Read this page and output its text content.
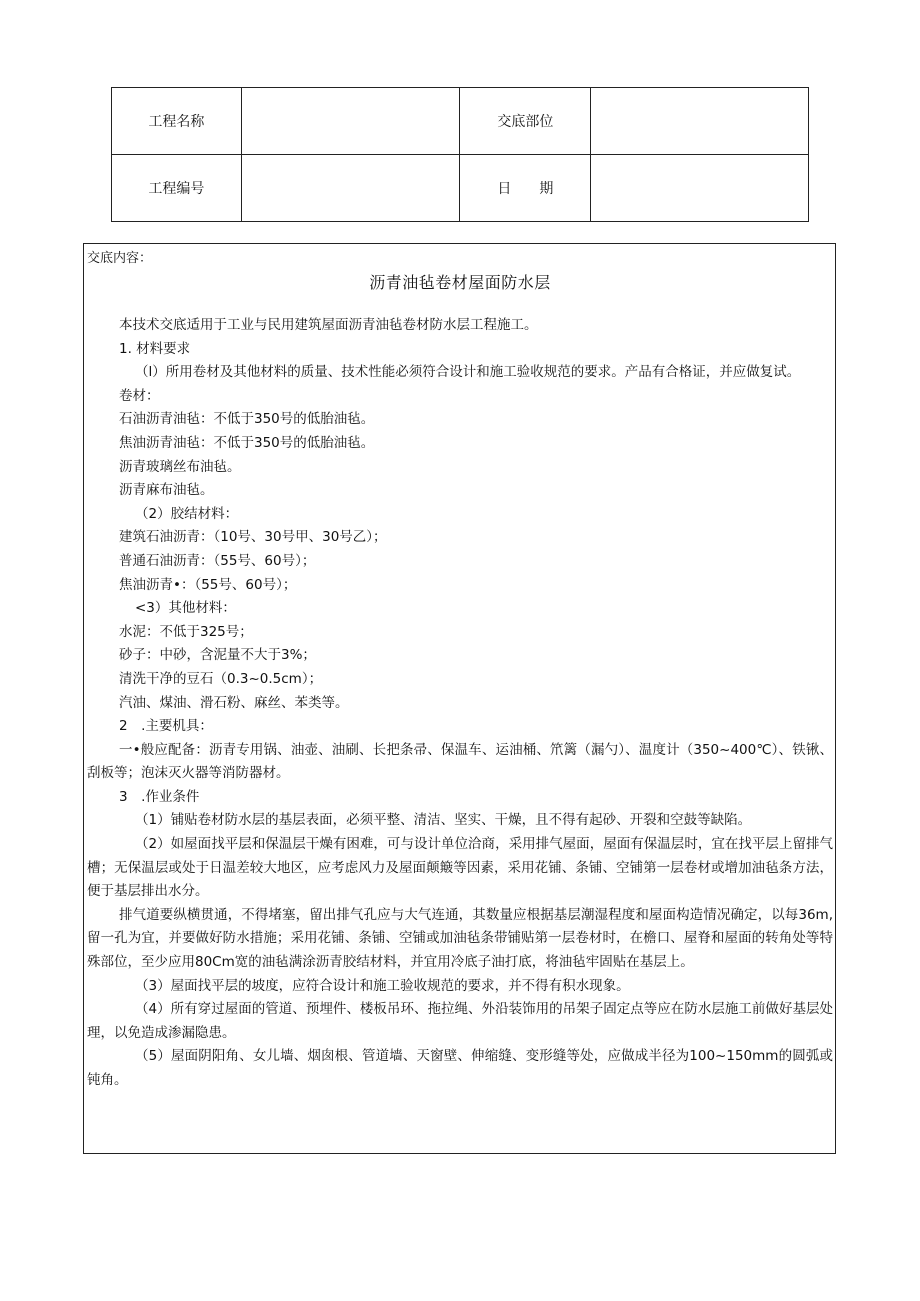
工程名称		交底部位	
工程编号		日　　期	
交底内容：
沥青油毡卷材屋面防水层

本技术交底适用于工业与民用建筑屋面沥青油毡卷材防水层工程施工。

1. 材料要求

（l）所用卷材及其他材料的质量、技术性能必须符合设计和施工验收规范的要求。产品有合格证，并应做复试。

卷材：

石油沥青油毡：不低于350号的低胎油毡。

焦油沥青油毡：不低于350号的低胎油毡。

沥青玻璃丝布油毡。

沥青麻布油毡。

（2）胶结材料：

建筑石油沥青：（10号、30号甲、30号乙）；

普通石油沥青：（55号、60号）；

焦油沥青•：（55号、60号）；

<3）其他材料：

水泥：不低于325号；

砂子：中砂，含泥量不大于3%；

清洗干净的豆石（0.3~0.5cm）；

汽油、煤油、滑石粉、麻丝、苯类等。

2　.主要机具：

一•般应配备：沥青专用锅、油壶、油刷、长把条帚、保温车、运油桶、笊篱（漏勺）、温度计（350~400℃）、铁锹、刮板等；泡沫灭火器等消防器材。

3　.作业条件

（1）铺贴卷材防水层的基层表面，必须平整、清洁、坚实、干燥，且不得有起砂、开裂和空鼓等缺陷。

（2）如屋面找平层和保温层干燥有困难，可与设计单位洽商，采用排气屋面，屋面有保温层时，宜在找平层上留排气槽；无保温层或处于日温差较大地区，应考虑风力及屋面颠簸等因素，采用花铺、条铺、空铺第一层卷材或增加油毡条方法，便于基层排出水分。

排气道要纵横贯通，不得堵塞，留出排气孔应与大气连通，其数量应根据基层潮湿程度和屋面构造情况确定，以每36m,留一孔为宜，并要做好防水措施；采用花铺、条铺、空铺或加油毡条带铺贴第一层卷材时，在檐口、屋脊和屋面的转角处等特殊部位，至少应用80Cm宽的油毡满涂沥青胶结材料，并宜用冷底子油打底，将油毡牢固贴在基层上。

（3）屋面找平层的坡度，应符合设计和施工验收规范的要求，并不得有积水现象。

（4）所有穿过屋面的管道、预埋件、楼板吊环、拖拉绳、外沿装饰用的吊架子固定点等应在防水层施工前做好基层处理，以免造成渗漏隐患。

（5）屋面阴阳角、女儿墙、烟囱根、管道墙、天窗壁、伸缩缝、变形缝等处，应做成半径为100~150mm的圆弧或钝角。
